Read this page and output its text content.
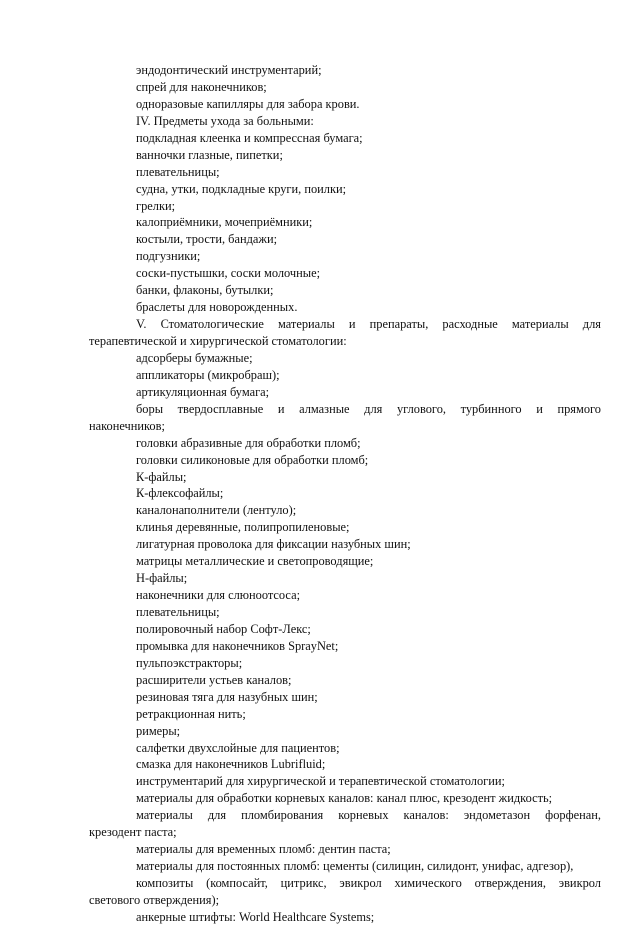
эндодонтический инструментарий;
спрей для наконечников;
одноразовые капилляры для забора крови.
IV. Предметы ухода за больными:
подкладная клеенка и компрессная бумага;
ванночки глазные, пипетки;
плевательницы;
судна, утки, подкладные круги, поилки;
грелки;
калоприёмники, мочеприёмники;
костыли, трости, бандажи;
подгузники;
соски-пустышки, соски молочные;
банки, флаконы, бутылки;
браслеты для новорожденных.
V. Стоматологические материалы и препараты, расходные материалы для
терапевтической и хирургической стоматологии:
адсорберы бумажные;
аппликаторы (микробраш);
артикуляционная бумага;
боры твердосплавные и алмазные для углового, турбинного и прямого
наконечников;
головки абразивные для обработки пломб;
головки силиконовые для обработки пломб;
К-файлы;
К-флексофайлы;
каналонаполнители (лентуло);
клинья деревянные, полипропиленовые;
лигатурная проволока для фиксации назубных шин;
матрицы металлические и светопроводящие;
Н-файлы;
наконечники для слюноотсоса;
плевательницы;
полировочный набор Софт-Лекс;
промывка для наконечников SprayNet;
пульпоэкстракторы;
расширители устьев каналов;
резиновая тяга для назубных шин;
ретракционная нить;
римеры;
салфетки двухслойные для пациентов;
смазка для наконечников Lubrifluid;
инструментарий для хирургической и терапевтической стоматологии;
материалы для обработки корневых каналов: канал плюс, крезодент жидкость;
материалы для пломбирования корневых каналов: эндометазон форфенан,
крезодент паста;
материалы для временных пломб: дентин паста;
материалы для постоянных пломб: цементы (силицин, силидонт, унифас, адгезор),
композиты (компосайт, цитрикс, эвикрол химического отверждения, эвикрол
светового отверждения);
анкерные штифты: World Healthcare Systems;
